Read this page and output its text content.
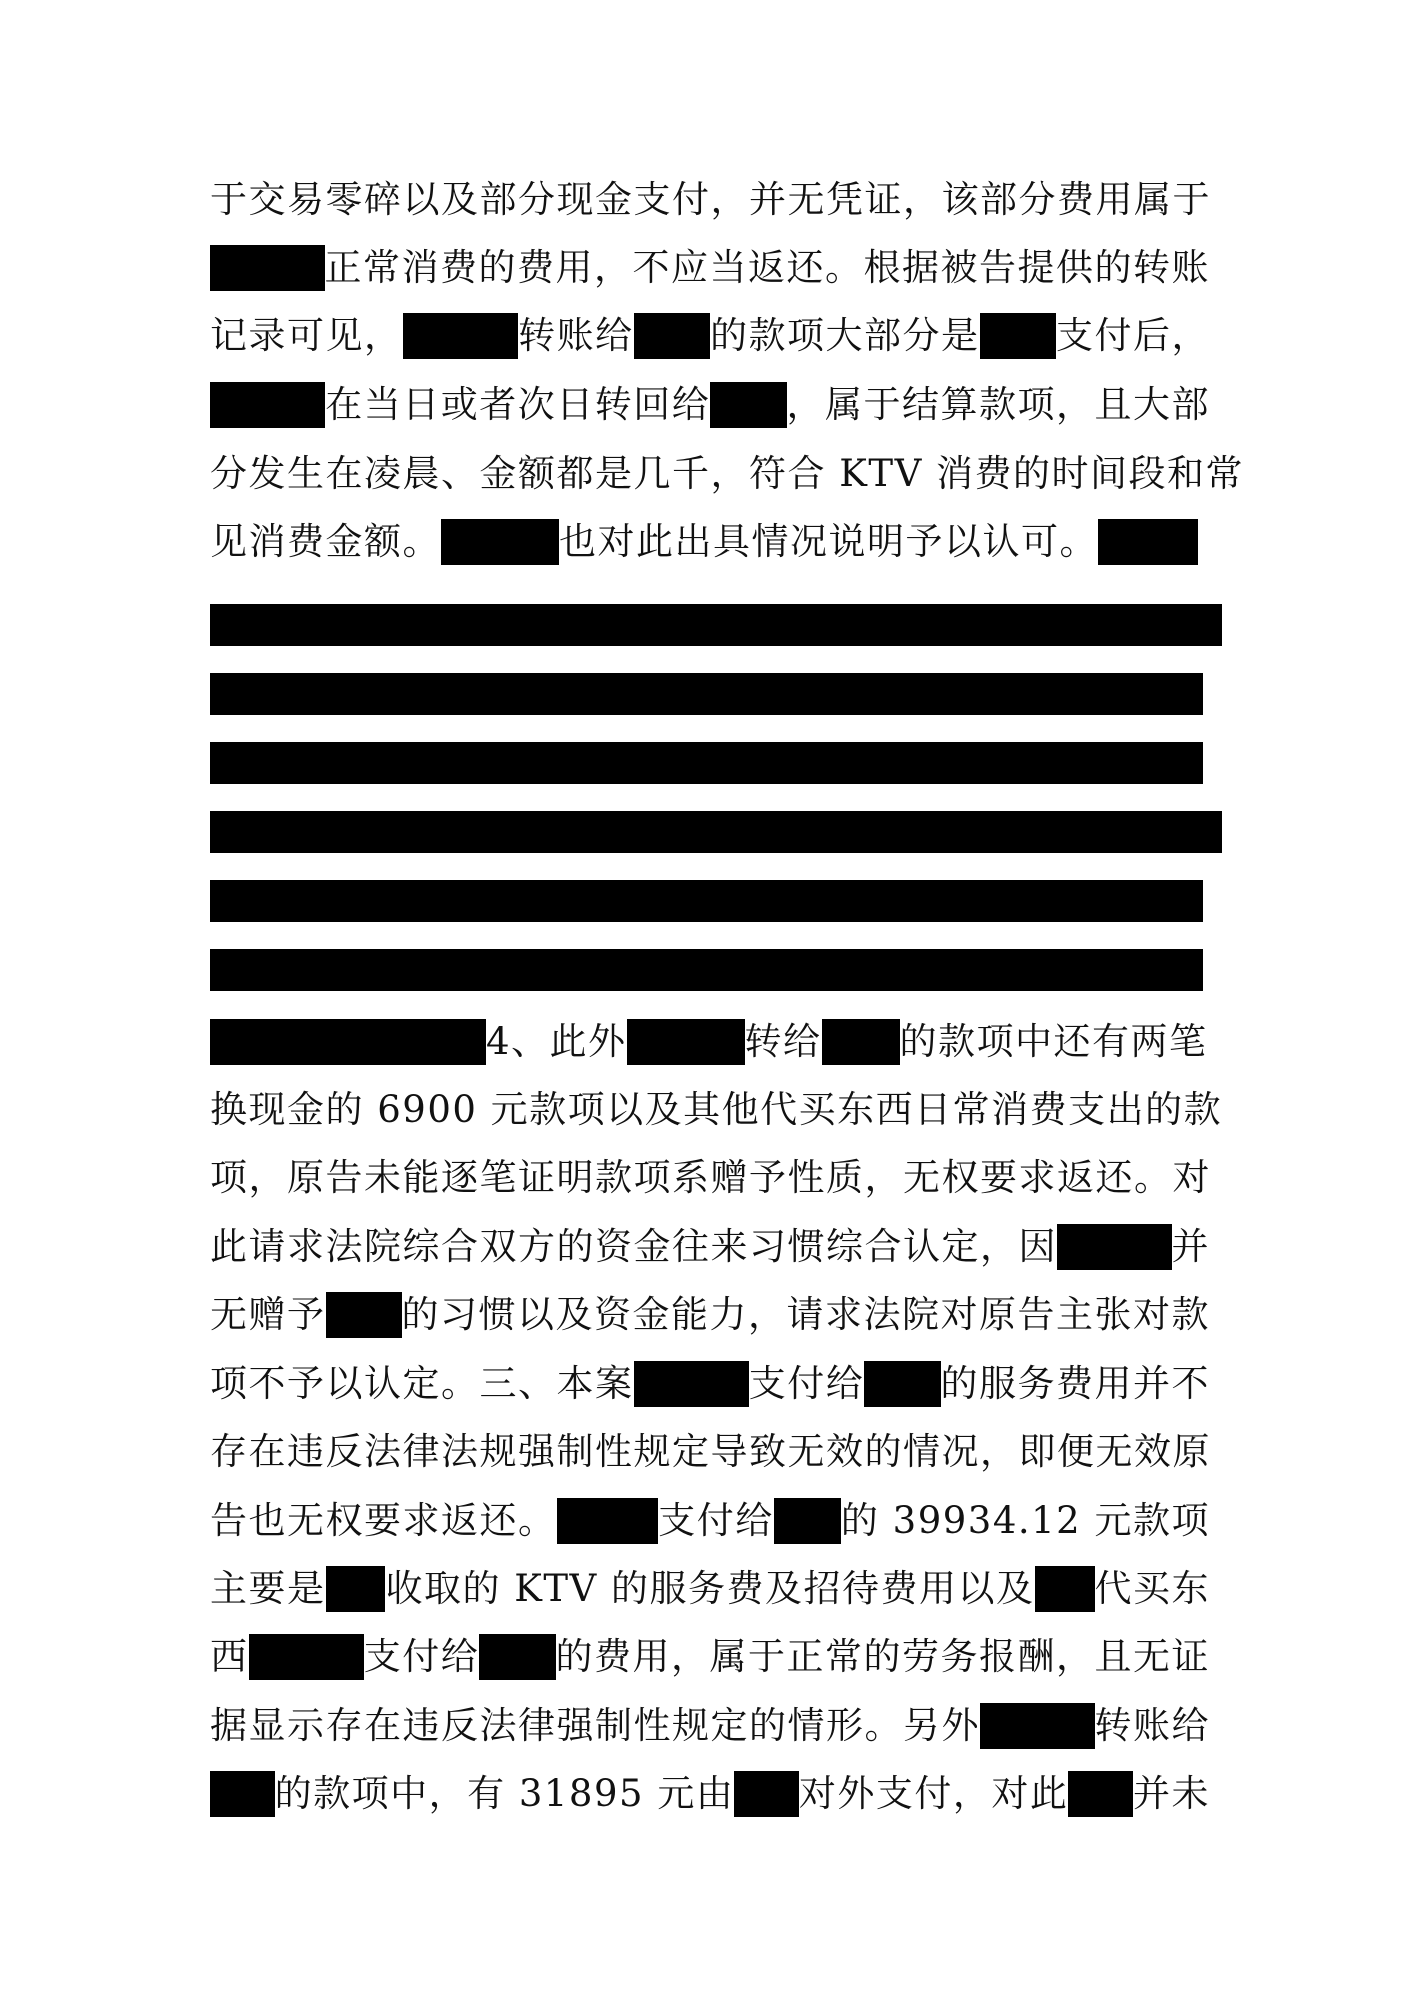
于交易零碎以及部分现金支付，并无凭证，该部分费用属于
正常消费的费用，不应当返还。根据被告提供的转账
记录可见，	转账给 的款项大部分是 支付后，
在当日或者次日转回给 ，属于结算款项，且大部
分发生在凌晨、金额都是几千，符合 KTV 消费的时间段和常
见消费金额。	也对此出具情况说明予以认可。
4、此外	转给 的款项中还有两笔
换现金的 6900 元款项以及其他代买东西日常消费支出的款
项，原告未能逐笔证明款项系赠予性质，无权要求返还。对
此请求法院综合双方的资金往来习惯综合认定，因	并
无赠予 的习惯以及资金能力，请求法院对原告主张对款
项不予以认定。三、本案	支付给 的服务费用并不
存在违反法律法规强制性规定导致无效的情况，即便无效原
告也无权要求返还。	支付给 的 39934.12 元款项
主要是 收取的 KTV 的服务费及招待费用以及 代买东
西	支付给 的费用，属于正常的劳务报酬，且无证
据显示存在违反法律强制性规定的情形。另外	转账给
的款项中，有 31895 元由 对外支付，对此 并未
